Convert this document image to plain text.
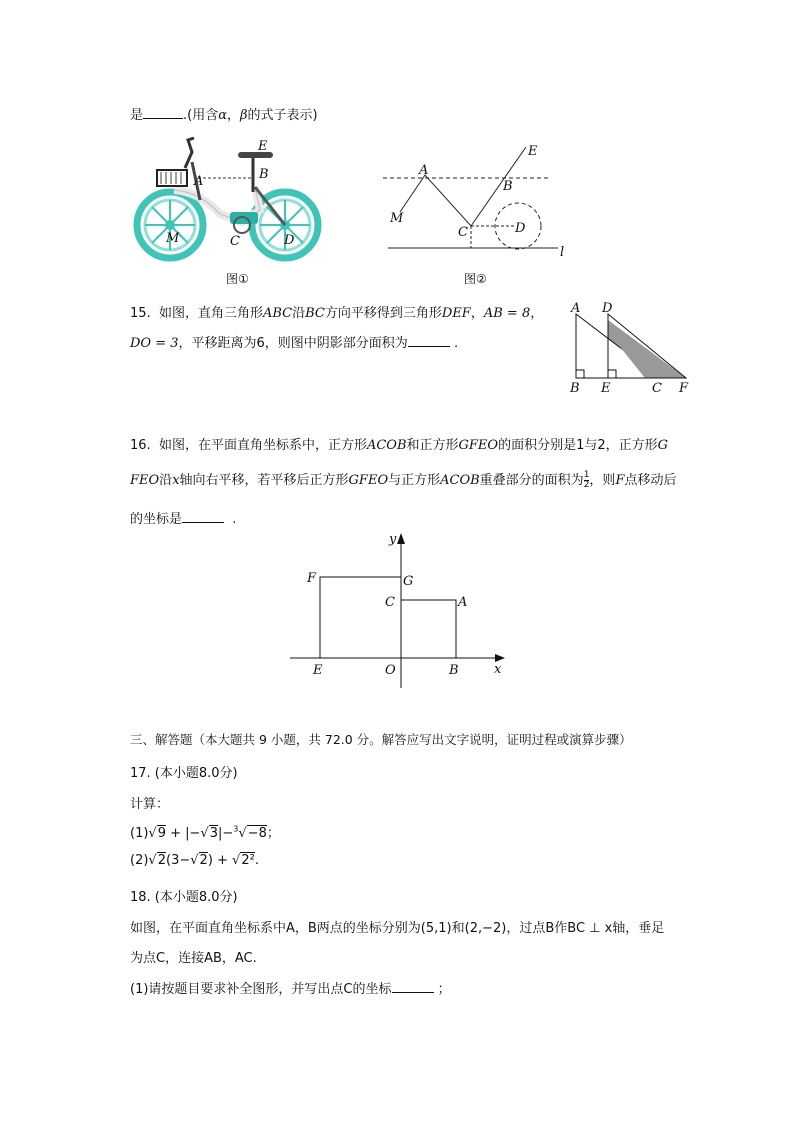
是	.(用含α，β的式子表示)
E
A	B
M	C	D
图①
E
A
B
M
C	D
l
图②
15. 如图，直角三角形ABC沿BC方向平移得到三角形DEF，AB = 8，
DO = 3，平移距离为6，则图中阴影部分面积为	.
A D
B E	C F
16. 如图，在平面直角坐标系中，正方形ACOB和正方形GFEO的面积分别是1与2，正方形G
FEO沿x轴向右平移，若平移后正方形GFEO与正方形ACOB重叠部分的面积为 $\frac{1}{2}$ ，则F点移动后
的坐标是	.
y
F	G
C	A
E	O	B	x
三、解答题（本大题共 9 小题，共 72.0 分。解答应写出文字说明，证明过程或演算步骤）
17. (本小题8.0分)
计算：
(1)√9 + |−√3|−$^3$√−8；
(2)√2(3−√2) + √2².
18. (本小题8.0分)
如图，在平面直角坐标系中A，B两点的坐标分别为(5,1)和(2,−2)，过点B作BC ⊥ x轴，垂足
为点C，连接AB，AC.
(1)请按题目要求补全图形，并写出点C的坐标	；
